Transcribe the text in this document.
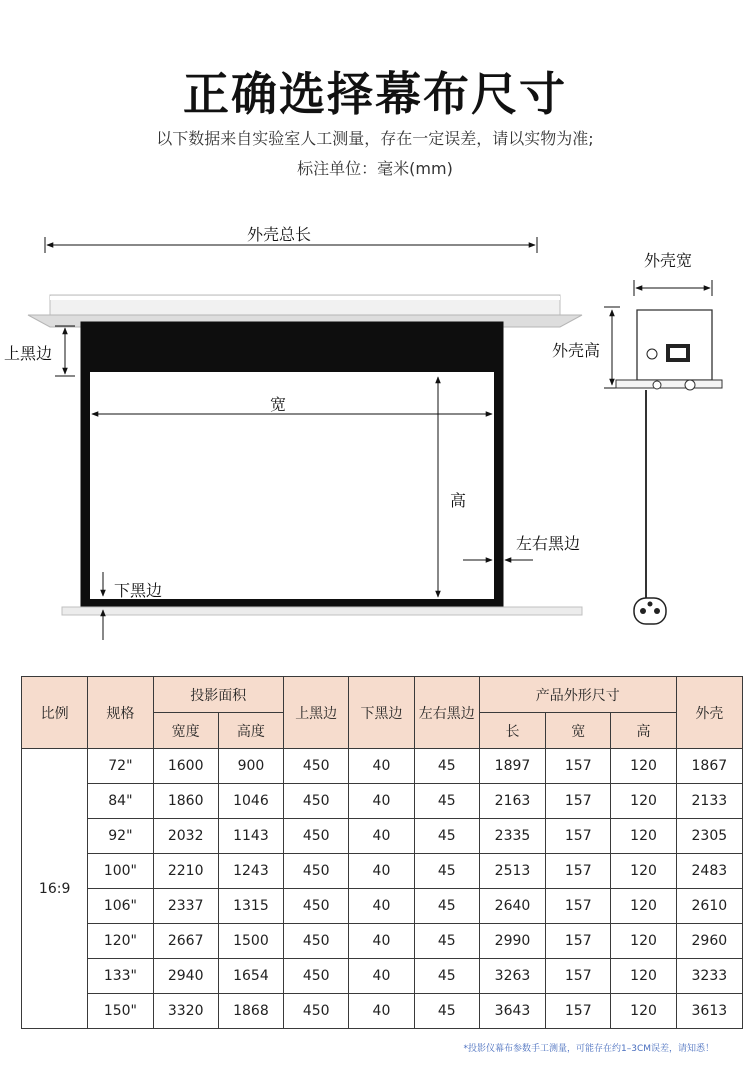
正确选择幕布尺寸
以下数据来自实验室人工测量，存在一定误差，请以实物为准;
标注单位：毫米(mm)
外壳总长
上黑边
宽
高
左右黑边
下黑边
外壳宽
外壳高
比例	规格	投影面积		上黑边	下黑边	左右黑边	产品外形尺寸			外壳
		宽度	高度				长	宽	高	
16:9	72"	1600	900	450	40	45	1897	157	120	1867
	84"	1860	1046	450	40	45	2163	157	120	2133
	92"	2032	1143	450	40	45	2335	157	120	2305
	100"	2210	1243	450	40	45	2513	157	120	2483
	106"	2337	1315	450	40	45	2640	157	120	2610
	120"	2667	1500	450	40	45	2990	157	120	2960
	133"	2940	1654	450	40	45	3263	157	120	3233
	150"	3320	1868	450	40	45	3643	157	120	3613
*投影仪幕布参数手工测量，可能存在约1–3CM误差，请知悉！
